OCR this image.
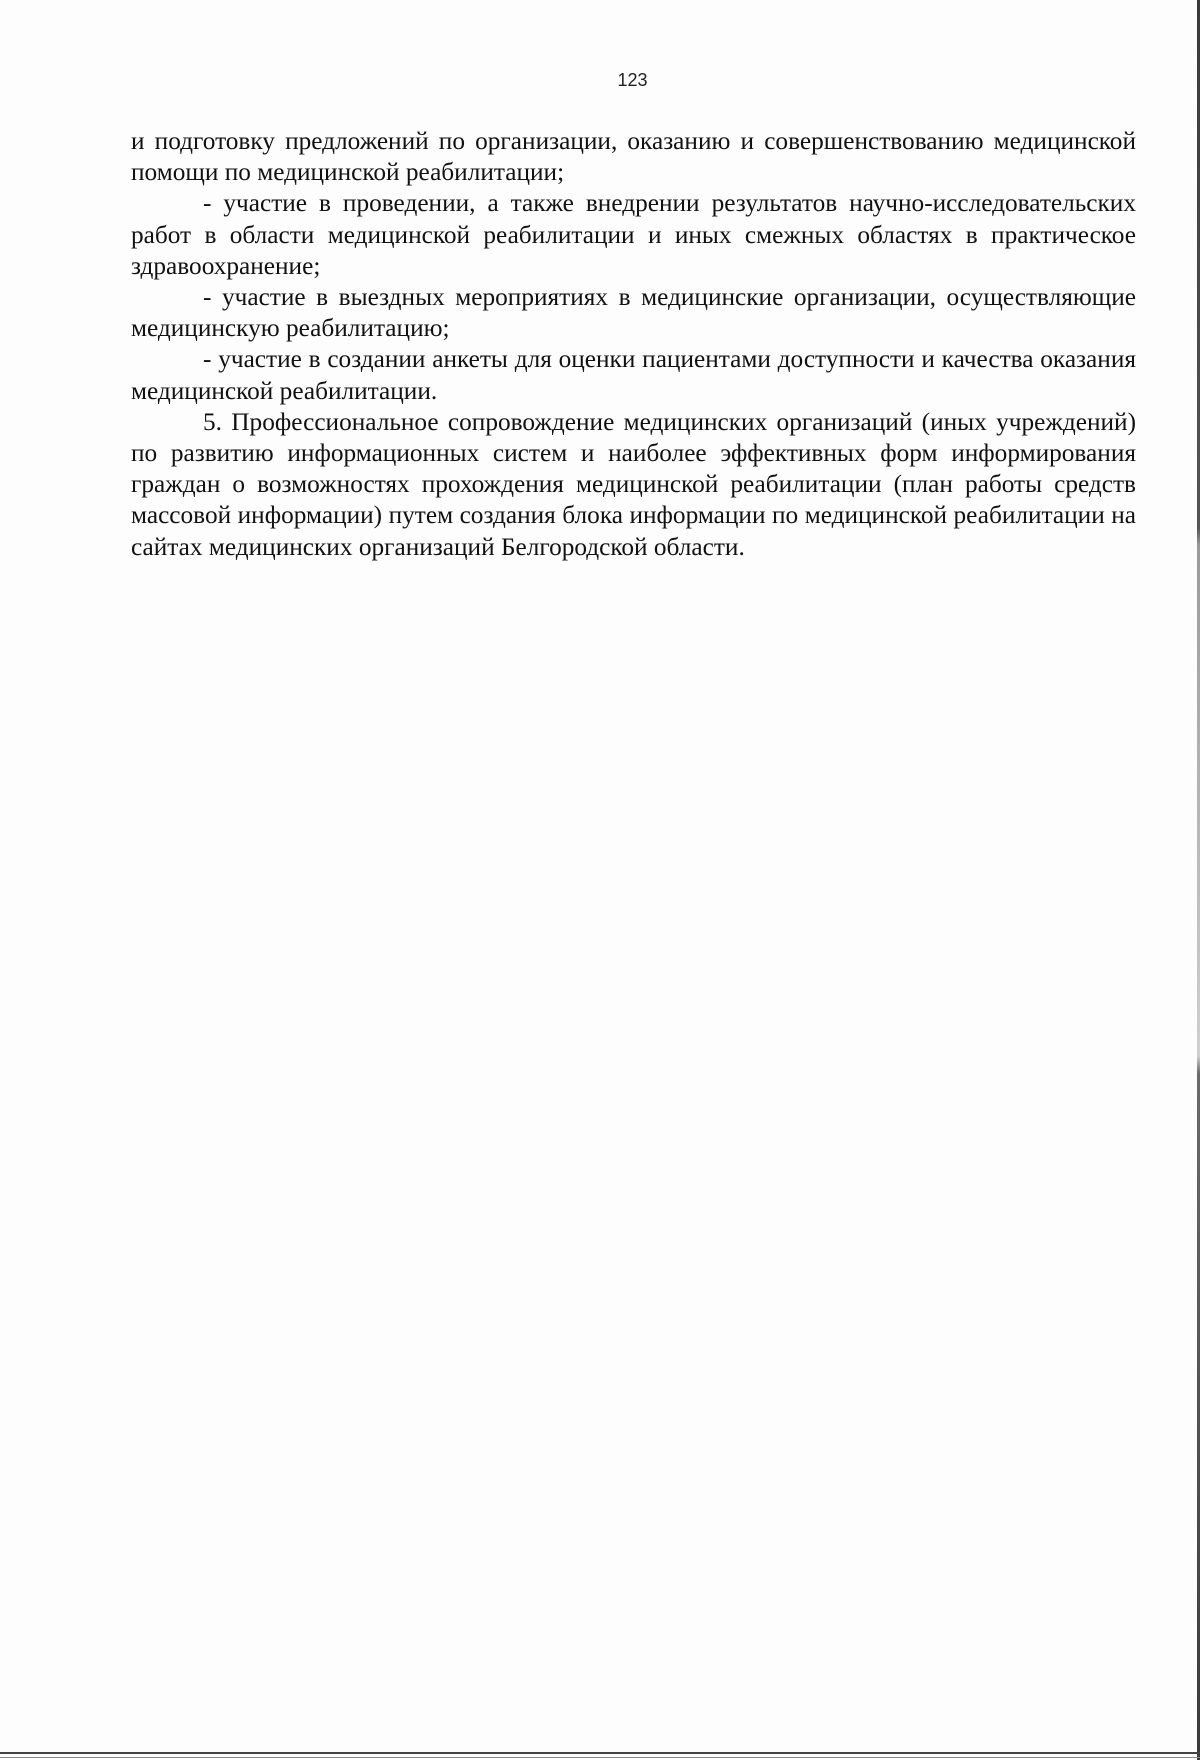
123

и подготовку предложений по организации, оказанию и совершенствованию медицинской помощи по медицинской реабилитации;

- участие в проведении, а также внедрении результатов научно-исследовательских работ в области медицинской реабилитации и иных смежных областях в практическое здравоохранение;

- участие в выездных мероприятиях в медицинские организации, осуществляющие медицинскую реабилитацию;

- участие в создании анкеты для оценки пациентами доступности и качества оказания медицинской реабилитации.

5. Профессиональное сопровождение медицинских организаций (иных учреждений) по развитию информационных систем и наиболее эффективных форм информирования граждан о возможностях прохождения медицинской реабилитации (план работы средств массовой информации) путем создания блока информации по медицинской реабилитации на сайтах медицинских организаций Белгородской области.
